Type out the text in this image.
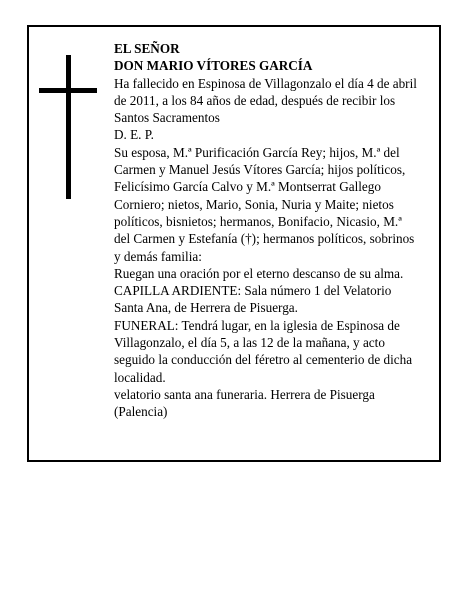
EL SEÑOR

DON MARIO VÍTORES GARCÍA

Ha fallecido en Espinosa de Villagonzalo el día 4 de abril de 2011, a los 84 años de edad, después de recibir los Santos Sacramentos

D. E. P.

Su esposa, M.ª Purificación García Rey; hijos, M.ª del Carmen y Manuel Jesús Vítores García; hijos políticos, Felicísimo García Calvo y M.ª Montserrat Gallego Corniero; nietos, Mario, Sonia, Nuria y Maite; nietos políticos, bisnietos; hermanos, Bonifacio, Nicasio, M.ª del Carmen y Estefanía (†); hermanos políticos, sobrinos y demás familia:

Ruegan una oración por el eterno descanso de su alma.

CAPILLA ARDIENTE: Sala número 1 del Velatorio Santa Ana, de Herrera de Pisuerga.

FUNERAL: Tendrá lugar, en la iglesia de Espinosa de Villagonzalo, el día 5, a las 12 de la mañana, y acto seguido la conducción del féretro al cementerio de dicha localidad.

velatorio santa ana funeraria. Herrera de Pisuerga (Palencia)
